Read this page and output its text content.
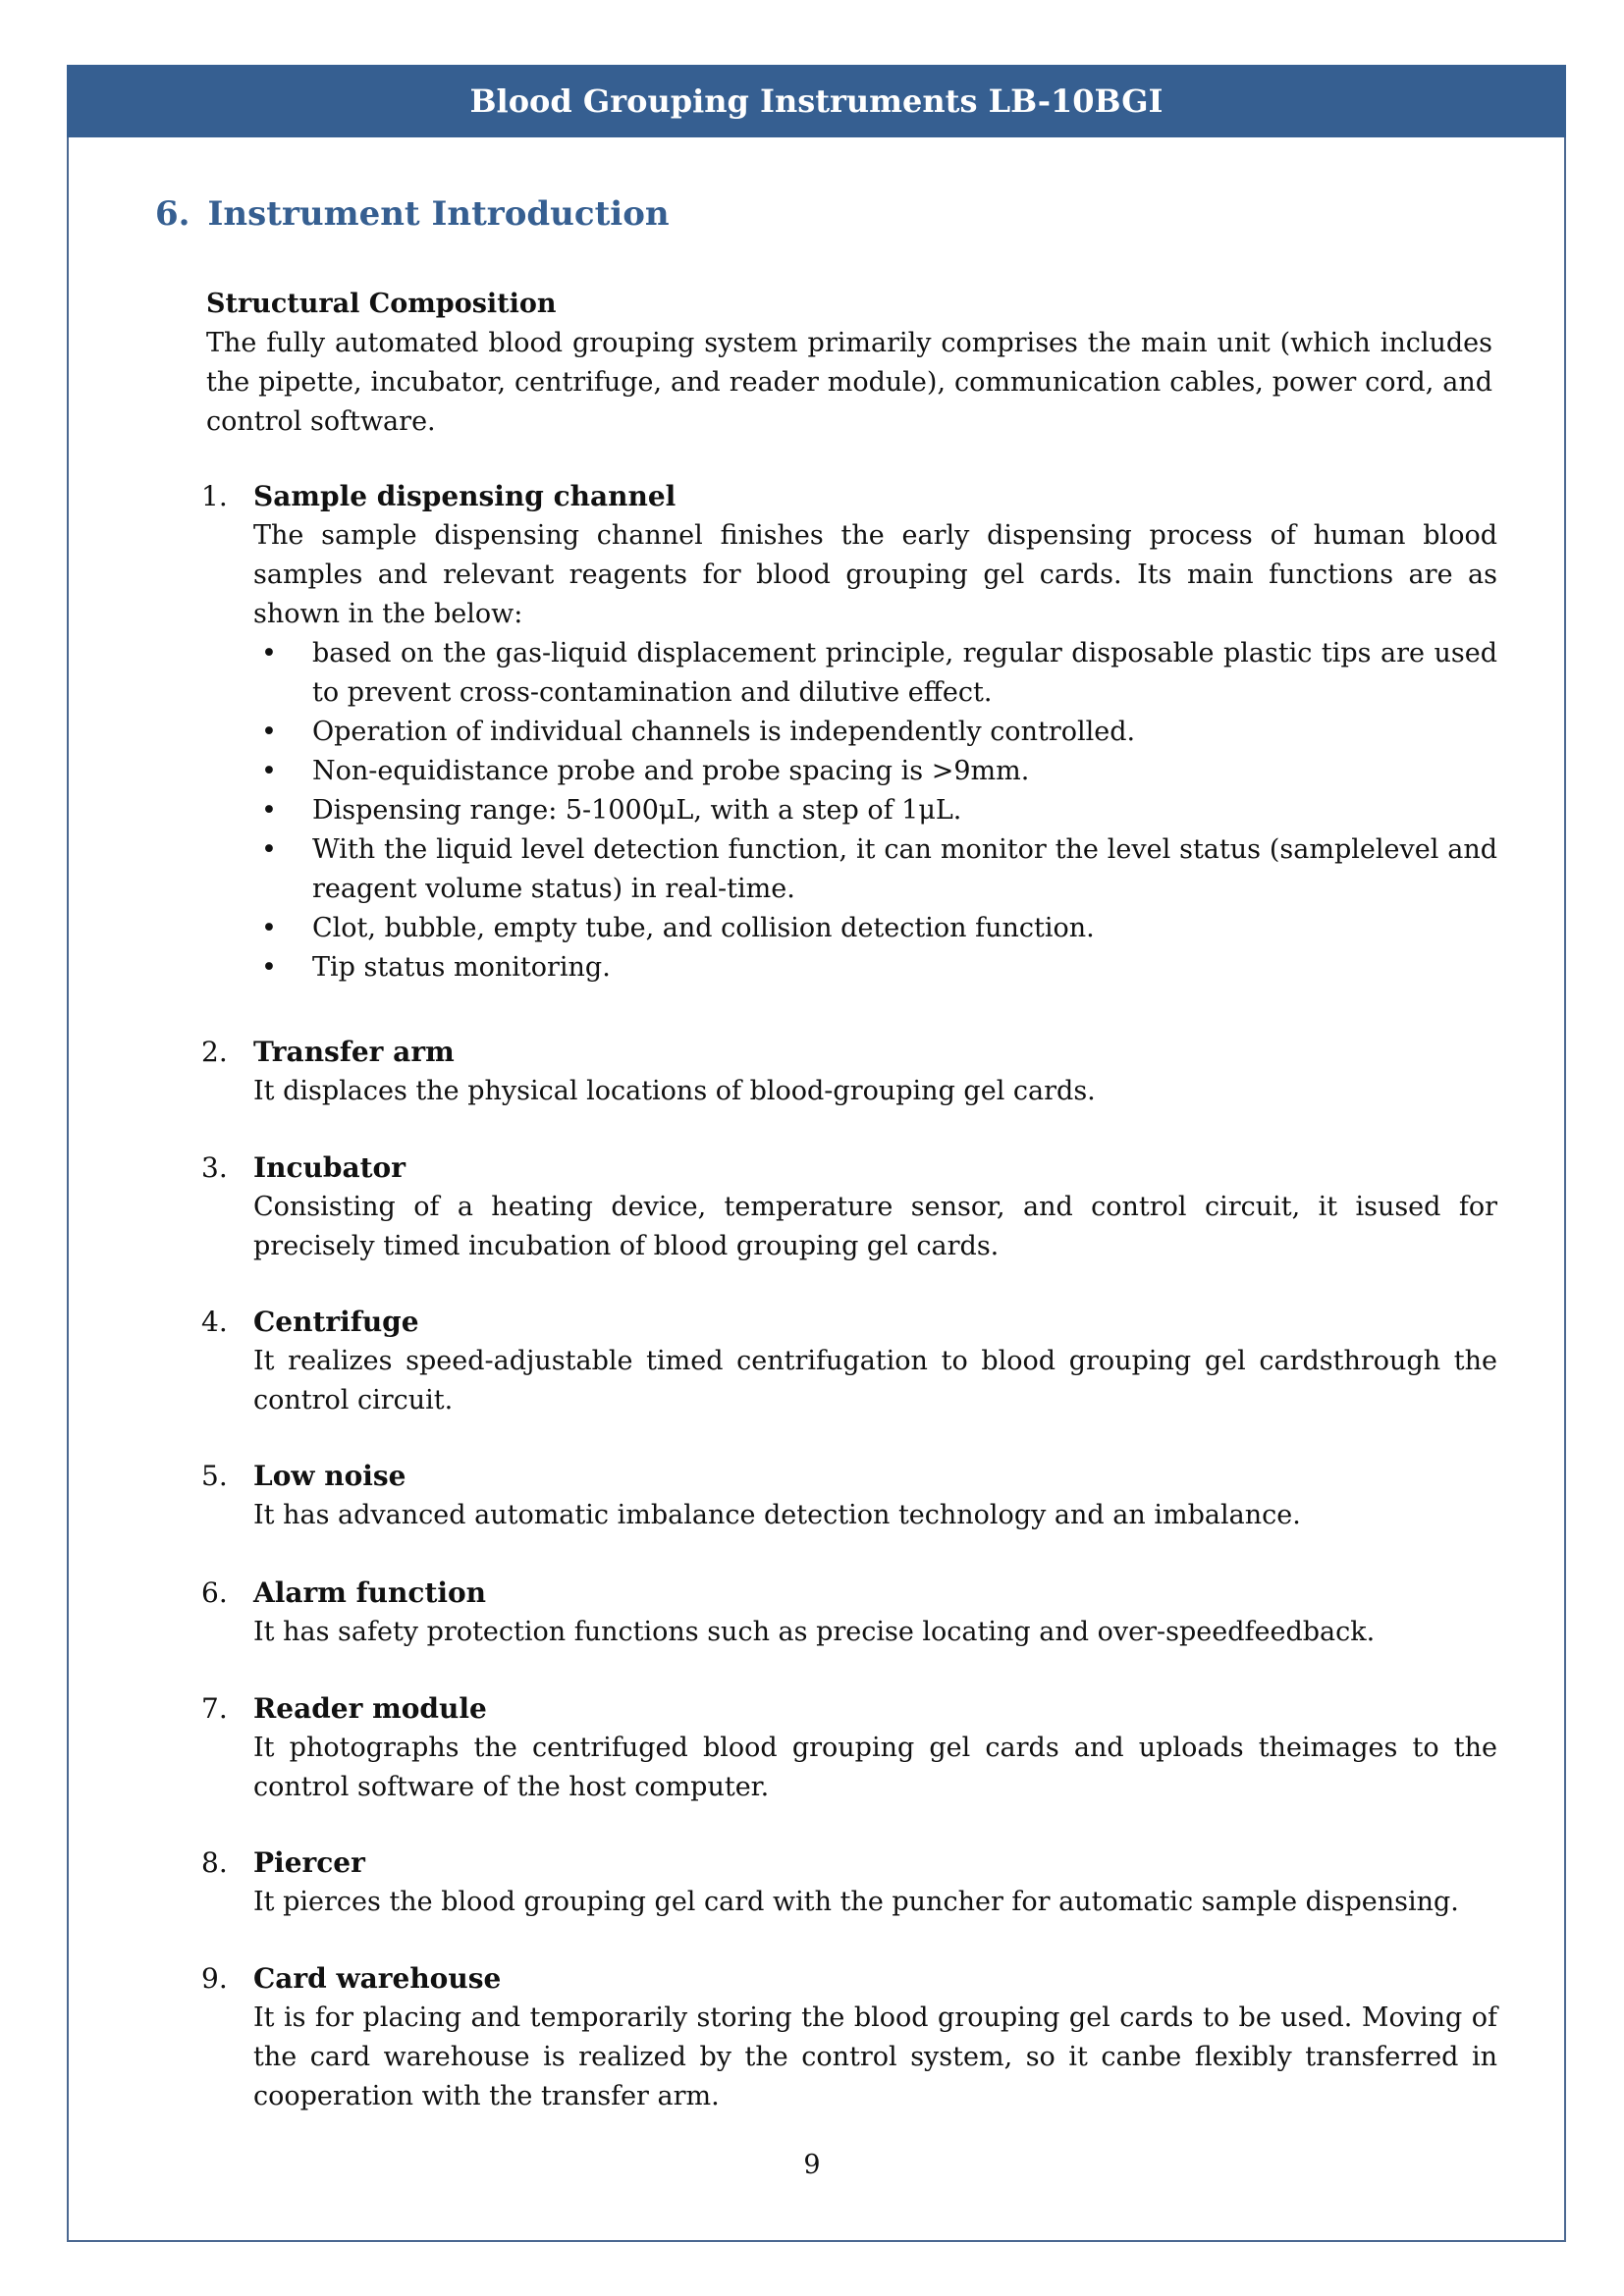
Blood Grouping Instruments LB-10BGI
6. Instrument Introduction
Structural Composition
The fully automated blood grouping system primarily comprises the main unit (which includes the pipette, incubator, centrifuge, and reader module), communication cables, power cord, and control software.
1. Sample dispensing channel
The sample dispensing channel finishes the early dispensing process of human blood samples and relevant reagents for blood grouping gel cards. Its main functions are as shown in the below:
• based on the gas-liquid displacement principle, regular disposable plastic tips are used to prevent cross-contamination and dilutive effect.
• Operation of individual channels is independently controlled.
• Non-equidistance probe and probe spacing is >9mm.
• Dispensing range: 5-1000μL, with a step of 1μL.
• With the liquid level detection function, it can monitor the level status (samplelevel and reagent volume status) in real-time.
• Clot, bubble, empty tube, and collision detection function.
• Tip status monitoring.
2. Transfer arm
It displaces the physical locations of blood-grouping gel cards.
3. Incubator
Consisting of a heating device, temperature sensor, and control circuit, it isused for precisely timed incubation of blood grouping gel cards.
4. Centrifuge
It realizes speed-adjustable timed centrifugation to blood grouping gel cardsthrough the control circuit.
5. Low noise
It has advanced automatic imbalance detection technology and an imbalance.
6. Alarm function
It has safety protection functions such as precise locating and over-speedfeedback.
7. Reader module
It photographs the centrifuged blood grouping gel cards and uploads theimages to the control software of the host computer.
8. Piercer
It pierces the blood grouping gel card with the puncher for automatic sample dispensing.
9. Card warehouse
It is for placing and temporarily storing the blood grouping gel cards to be used. Moving of the card warehouse is realized by the control system, so it canbe flexibly transferred in cooperation with the transfer arm.
9
